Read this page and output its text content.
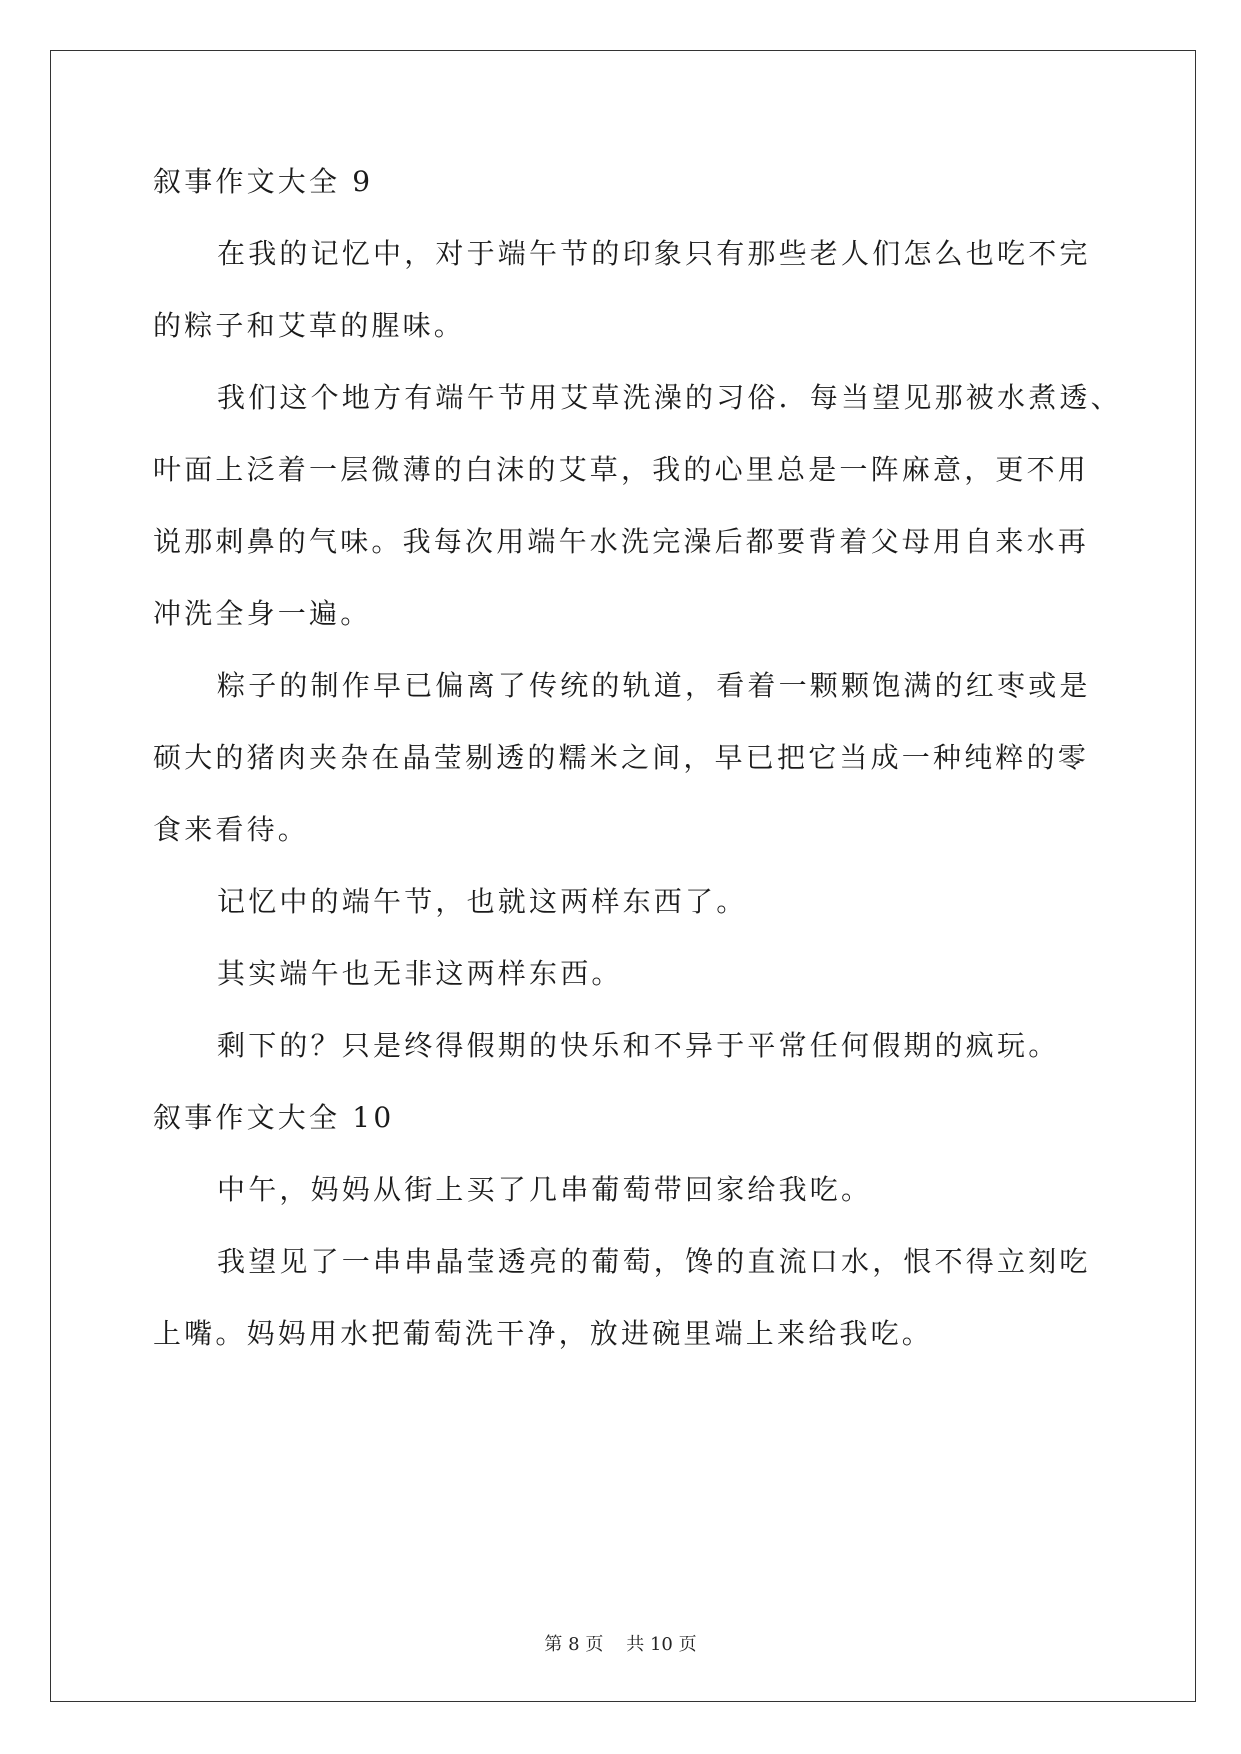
叙事作文大全 9
在我的记忆中，对于端午节的印象只有那些老人们怎么也吃不完
的粽子和艾草的腥味。
我们这个地方有端午节用艾草洗澡的习俗．每当望见那被水煮透、
叶面上泛着一层微薄的白沫的艾草，我的心里总是一阵麻意，更不用
说那刺鼻的气味。我每次用端午水洗完澡后都要背着父母用自来水再
冲洗全身一遍。
粽子的制作早已偏离了传统的轨道，看着一颗颗饱满的红枣或是
硕大的猪肉夹杂在晶莹剔透的糯米之间，早已把它当成一种纯粹的零
食来看待。
记忆中的端午节，也就这两样东西了。
其实端午也无非这两样东西。
剩下的？只是终得假期的快乐和不异于平常任何假期的疯玩。
叙事作文大全 10
中午，妈妈从街上买了几串葡萄带回家给我吃。
我望见了一串串晶莹透亮的葡萄，馋的直流口水，恨不得立刻吃
上嘴。妈妈用水把葡萄洗干净，放进碗里端上来给我吃。
第 8 页 共 10 页
